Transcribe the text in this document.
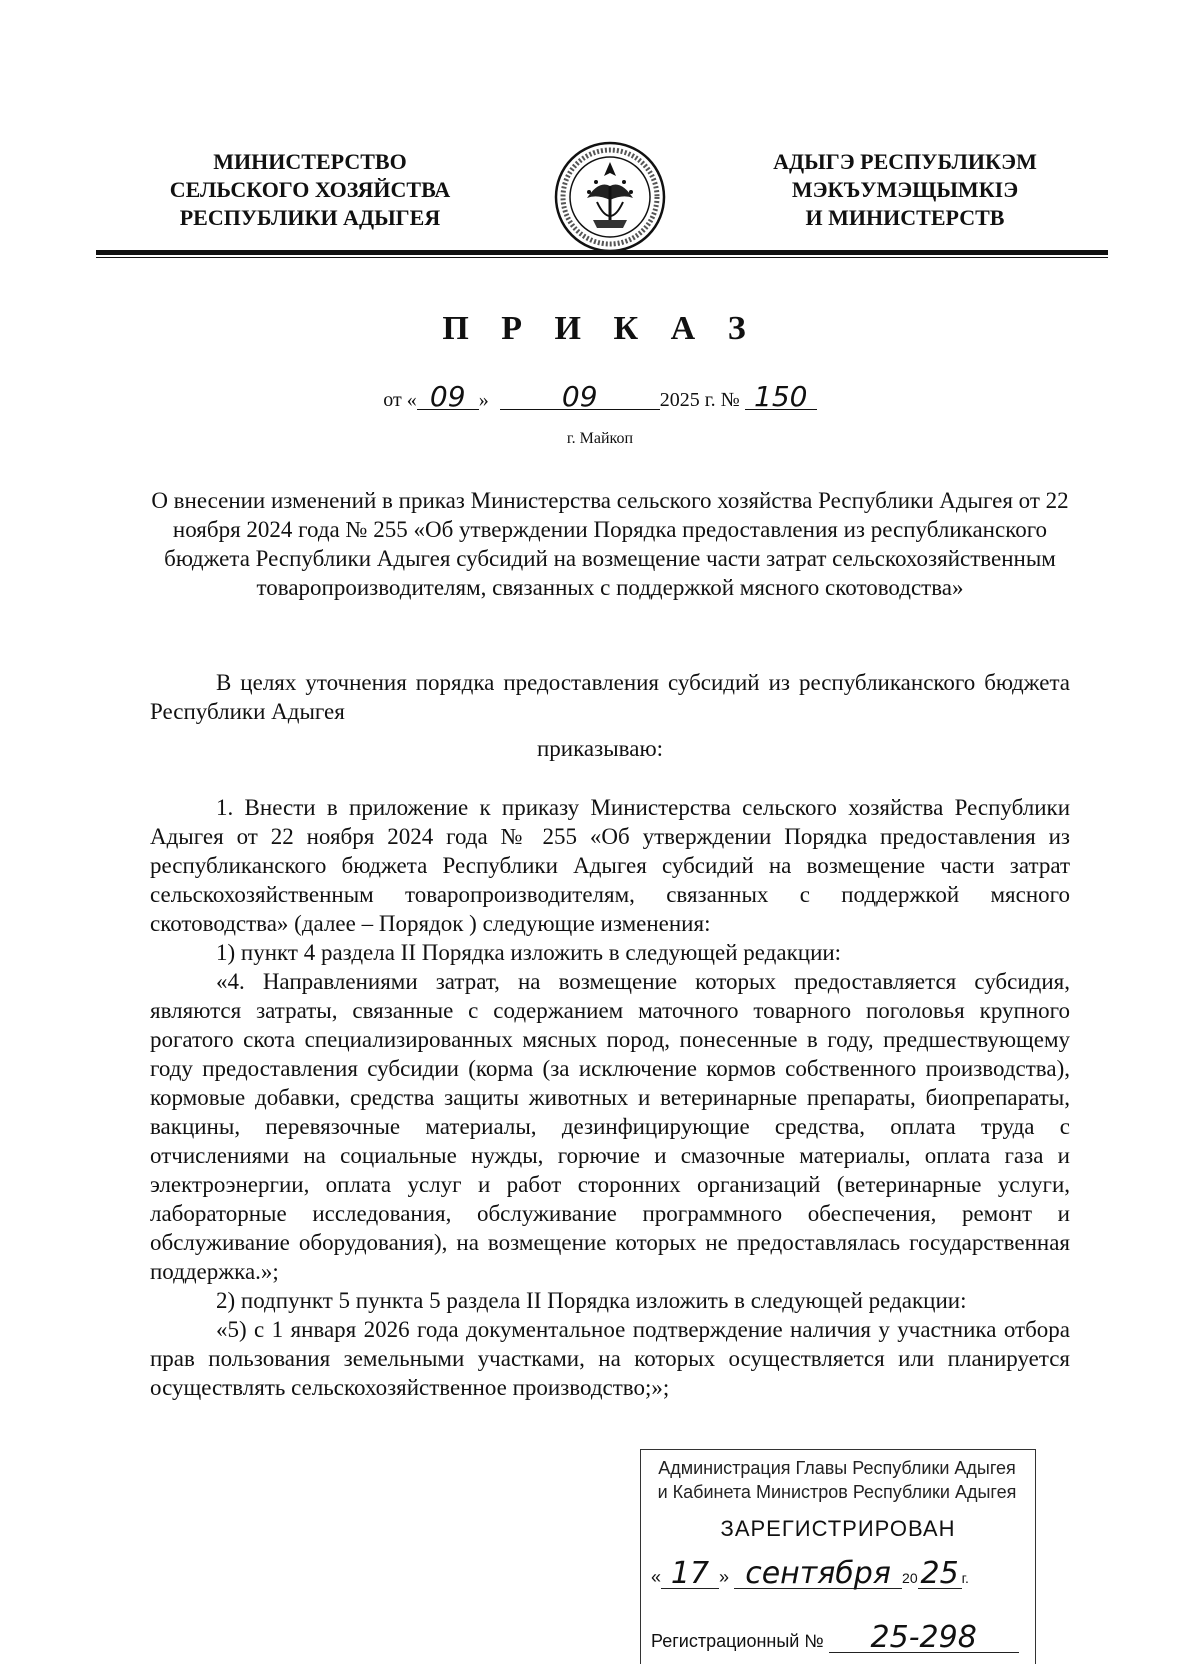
МИНИСТЕРСТВО
СЕЛЬСКОГО ХОЗЯЙСТВА
РЕСПУБЛИКИ АДЫГЕЯ
АДЫГЭ РЕСПУБЛИКЭМ
МЭКЪУМЭЩЫМКIЭ
И МИНИСТЕРСТВ
П Р И К А З
от « 09 »	09	2025 г. № 150
г. Майкоп
О внесении изменений в приказ Министерства сельского хозяйства Республики Адыгея от 22 ноября 2024 года № 255 «Об утверждении Порядка предоставления из республиканского бюджета Республики Адыгея субсидий на возмещение части затрат сельскохозяйственным товаропроизводителям, связанных с поддержкой мясного скотоводства»
В целях уточнения порядка предоставления субсидий из республиканского бюджета Республики Адыгея
приказываю:
1. Внести в приложение к приказу Министерства сельского хозяйства Республики Адыгея от 22 ноября 2024 года № 255 «Об утверждении Порядка предоставления из республиканского бюджета Республики Адыгея субсидий на возмещение части затрат сельскохозяйственным товаропроизводителям, связанных с поддержкой мясного скотоводства» (далее – Порядок ) следующие изменения:
1) пункт 4 раздела II Порядка изложить в следующей редакции:
«4. Направлениями затрат, на возмещение которых предоставляется субсидия, являются затраты, связанные с содержанием маточного товарного поголовья крупного рогатого скота специализированных мясных пород, понесенные в году, предшествующему году предоставления субсидии (корма (за исключение кормов собственного производства), кормовые добавки, средства защиты животных и ветеринарные препараты, биопрепараты, вакцины, перевязочные материалы, дезинфицирующие средства, оплата труда с отчислениями на социальные нужды, горючие и смазочные материалы, оплата газа и электроэнергии, оплата услуг и работ сторонних организаций (ветеринарные услуги, лабораторные исследования, обслуживание программного обеспечения, ремонт и обслуживание оборудования), на возмещение которых не предоставлялась государственная поддержка.»;
2) подпункт 5 пункта 5 раздела II Порядка изложить в следующей редакции:
«5) с 1 января 2026 года документальное подтверждение наличия у участника отбора прав пользования земельными участками, на которых осуществляется или планируется осуществлять сельскохозяйственное производство;»;
Администрация Главы Республики Адыгея
и Кабинета Министров Республики Адыгея
ЗАРЕГИСТРИРОВАН
« 17 » сентября 2025 г.
Регистрационный № 25-298
